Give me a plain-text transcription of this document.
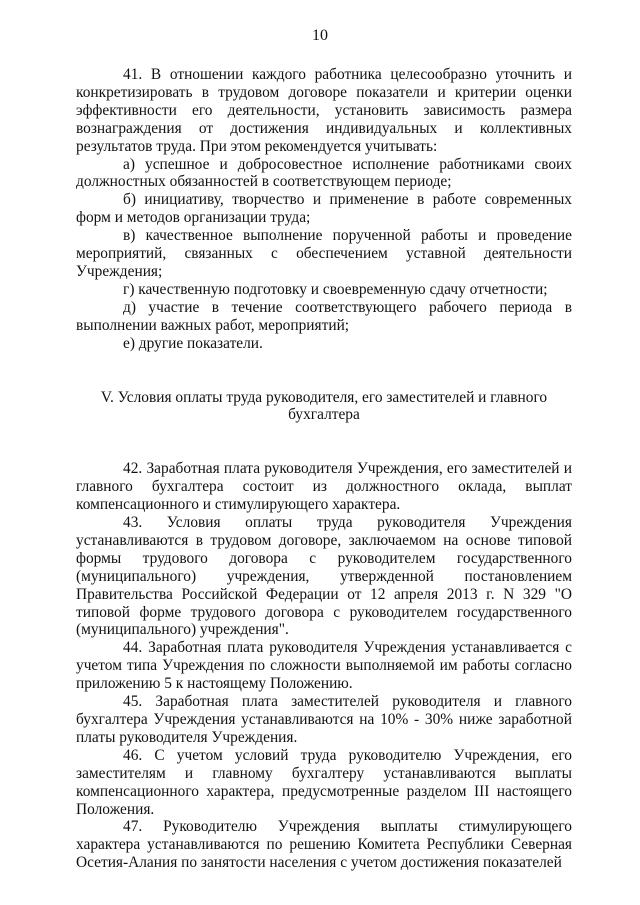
10

41. В отношении каждого работника целесообразно уточнить и конкретизировать в трудовом договоре показатели и критерии оценки эффективности его деятельности, установить зависимость размера вознаграждения от достижения индивидуальных и коллективных результатов труда. При этом рекомендуется учитывать:

а) успешное и добросовестное исполнение работниками своих должностных обязанностей в соответствующем периоде;

б) инициативу, творчество и применение в работе современных форм и методов организации труда;

в) качественное выполнение порученной работы и проведение мероприятий, связанных с обеспечением уставной деятельности Учреждения;

г) качественную подготовку и своевременную сдачу отчетности;

д) участие в течение соответствующего рабочего периода в выполнении важных работ, мероприятий;

е) другие показатели.

V. Условия оплаты труда руководителя, его заместителей и главного бухгалтера

42. Заработная плата руководителя Учреждения, его заместителей и главного бухгалтера состоит из должностного оклада, выплат компенсационного и стимулирующего характера.

43. Условия оплаты труда руководителя Учреждения устанавливаются в трудовом договоре, заключаемом на основе типовой формы трудового договора с руководителем государственного (муниципального) учреждения, утвержденной постановлением Правительства Российской Федерации от 12 апреля 2013 г. N 329 "О типовой форме трудового договора с руководителем государственного (муниципального) учреждения".

44. Заработная плата руководителя Учреждения устанавливается с учетом типа Учреждения по сложности выполняемой им работы согласно приложению 5 к настоящему Положению.

45. Заработная плата заместителей руководителя и главного бухгалтера Учреждения устанавливаются на 10% - 30% ниже заработной платы руководителя Учреждения.

46. С учетом условий труда руководителю Учреждения, его заместителям и главному бухгалтеру устанавливаются выплаты компенсационного характера, предусмотренные разделом III настоящего Положения.

47. Руководителю Учреждения выплаты стимулирующего характера устанавливаются по решению Комитета Республики Северная Осетия-Алания по занятости населения с учетом достижения показателей
